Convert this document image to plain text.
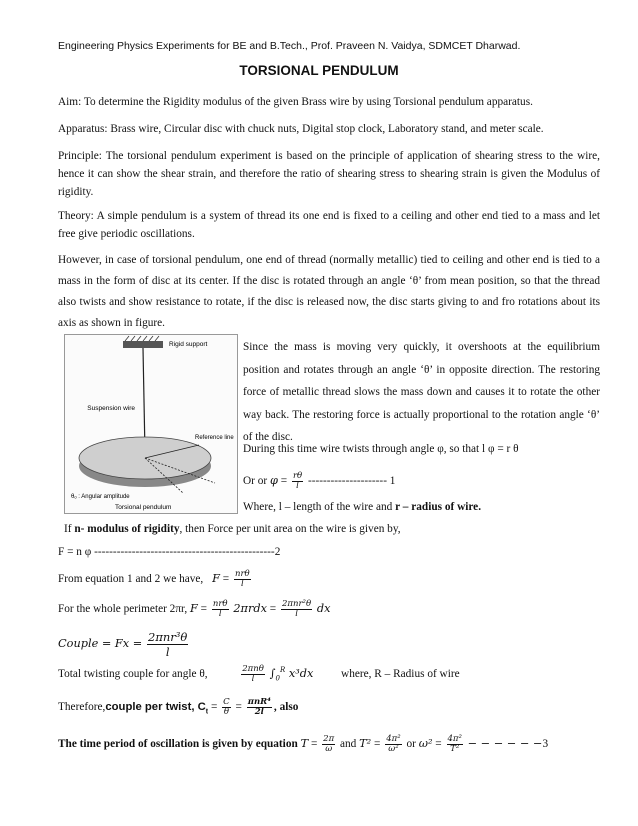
Engineering Physics Experiments for BE and B.Tech., Prof. Praveen N. Vaidya, SDMCET Dharwad.
TORSIONAL PENDULUM
Aim: To determine the Rigidity modulus of the given Brass wire by using Torsional pendulum apparatus.
Apparatus: Brass wire, Circular disc with chuck nuts, Digital stop clock, Laboratory stand, and meter scale.
Principle: The torsional pendulum experiment is based on the principle of application of shearing stress to the wire, hence it can show the shear strain, and therefore the ratio of shearing stress to shearing strain is given the Modulus of rigidity.
Theory: A simple pendulum is a system of thread its one end is fixed to a ceiling and other end tied to a mass and let free give periodic oscillations.
However, in case of torsional pendulum, one end of thread (normally metallic) tied to ceiling and other end is tied to a mass in the form of disc at its center. If the disc is rotated through an angle ‘θ’ from mean position, so that the thread also twists and show resistance to rotate, if the disc is released now, the disc starts giving to and fro rotations about its axis as shown in figure.
Rigid support
Suspension wire
Reference line
θₒ : Angular amplitude
Torsional pendulum
Since the mass is moving very quickly, it overshoots at the equilibrium position and rotates through an angle ‘θ’ in opposite direction. The restoring force of metallic thread slows the mass down and causes it to rotate the other way back. The restoring force is actually proportional to the rotation angle ‘θ’ of the disc.
During this time wire twists through angle φ, so that l φ = r θ
Or or $\varphi = \frac{r\theta}{l}$ --------------------- 1
Where, l – length of the wire and r – radius of wire.
If n- modulus of rigidity, then Force per unit area on the wire is given by,
F = n φ ------------------------------------------------2
From equation 1 and 2 we have, $F = \frac{\text{nrθ}}{l}$
For the whole perimeter 2πr, $F = \frac{\text{nrθ}}{l} 2\pi rdx = \frac{\text{2πnr²θ}}{l}$ dx
Couple = $Fx = \frac{\text{2πnr³θ}}{l}$
Total twisting couple for angle θ,	$\frac{\text{2πnθ}}{l} \int_0^R$ x³dx where, R – Radius of wire
Therefore,couple per twist, $C_t = \frac{C}{\theta} = \frac{\text{πnR⁴}}{2l}$ , also
The time period of oscillation is given by equation $T = \frac{2\pi}{\omega}$ and $T^2 = \frac{\text{4π²}}{\text{ω²}}$ or $\omega^2 = \frac{\text{4π²}}{\text{T²}}$ − − − − − −3
